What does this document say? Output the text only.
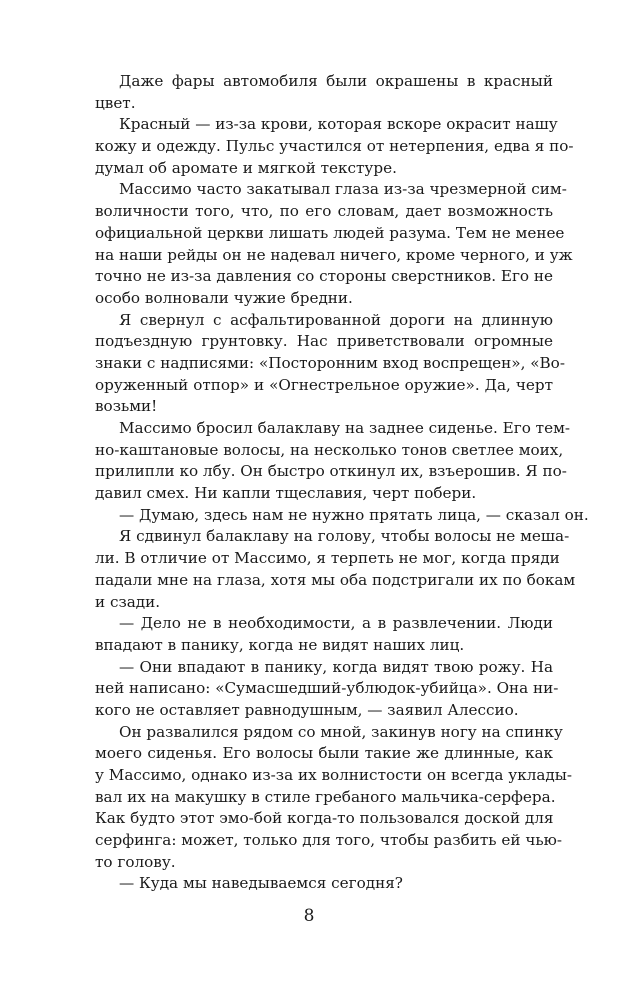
Даже фары автомобиля были окрашены в красный
цвет.
Красный — из-за крови, которая вскоре окрасит нашу
кожу и одежду. Пульс участился от нетерпения, едва я по-
думал об аромате и мягкой текстуре.
Массимо часто закатывал глаза из-за чрезмерной сим-
воличности того, что, по его словам, дает возможность
официальной церкви лишать людей разума. Тем не менее
на наши рейды он не надевал ничего, кроме черного, и уж
точно не из-за давления со стороны сверстников. Его не
особо волновали чужие бредни.
Я свернул с асфальтированной дороги на длинную
подъездную грунтовку. Нас приветствовали огромные
знаки с надписями: «Посторонним вход воспрещен», «Во-
оруженный отпор» и «Огнестрельное оружие». Да, черт
возьми!
Массимо бросил балаклаву на заднее сиденье. Его тем-
но-каштановые волосы, на несколько тонов светлее моих,
прилипли ко лбу. Он быстро откинул их, взъерошив. Я по-
давил смех. Ни капли тщеславия, черт побери.
— Думаю, здесь нам не нужно прятать лица, — сказал он.
Я сдвинул балаклаву на голову, чтобы волосы не меша-
ли. В отличие от Массимо, я терпеть не мог, когда пряди
падали мне на глаза, хотя мы оба подстригали их по бокам
и сзади.
— Дело не в необходимости, а в развлечении. Люди
впадают в панику, когда не видят наших лиц.
— Они впадают в панику, когда видят твою рожу. На
ней написано: «Сумасшедший-ублюдок-убийца». Она ни-
кого не оставляет равнодушным, — заявил Алессио.
Он развалился рядом со мной, закинув ногу на спинку
моего сиденья. Его волосы были такие же длинные, как
у Массимо, однако из-за их волнистости он всегда уклады-
вал их на макушку в стиле гребаного мальчика-серфера.
Как будто этот эмо-бой когда-то пользовался доской для
серфинга: может, только для того, чтобы разбить ей чью-
то голову.
— Куда мы наведываемся сегодня?
8
